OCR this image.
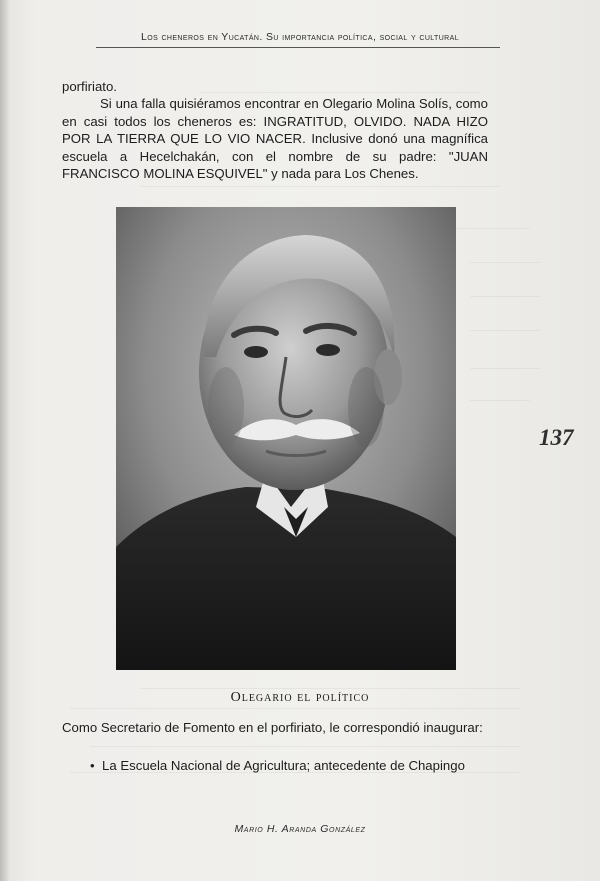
Los cheneros en Yucatán. Su importancia política, social y cultural

porfiriato.

Si una falla quisiéramos encontrar en Olegario Molina Solís, como en casi todos los cheneros es: INGRATITUD, OLVIDO. NADA HIZO POR LA TIERRA QUE LO VIO NACER. Inclusive donó una magnífica escuela a Hecelchakán, con el nombre de su padre: "JUAN FRANCISCO MOLINA ESQUIVEL" y nada para Los Chenes.

137
Olegario el político

Como Secretario de Fomento en el porfiriato, le correspondió inaugurar:

• La Escuela Nacional de Agricultura; antecedente de Chapingo
Mario H. Aranda González
